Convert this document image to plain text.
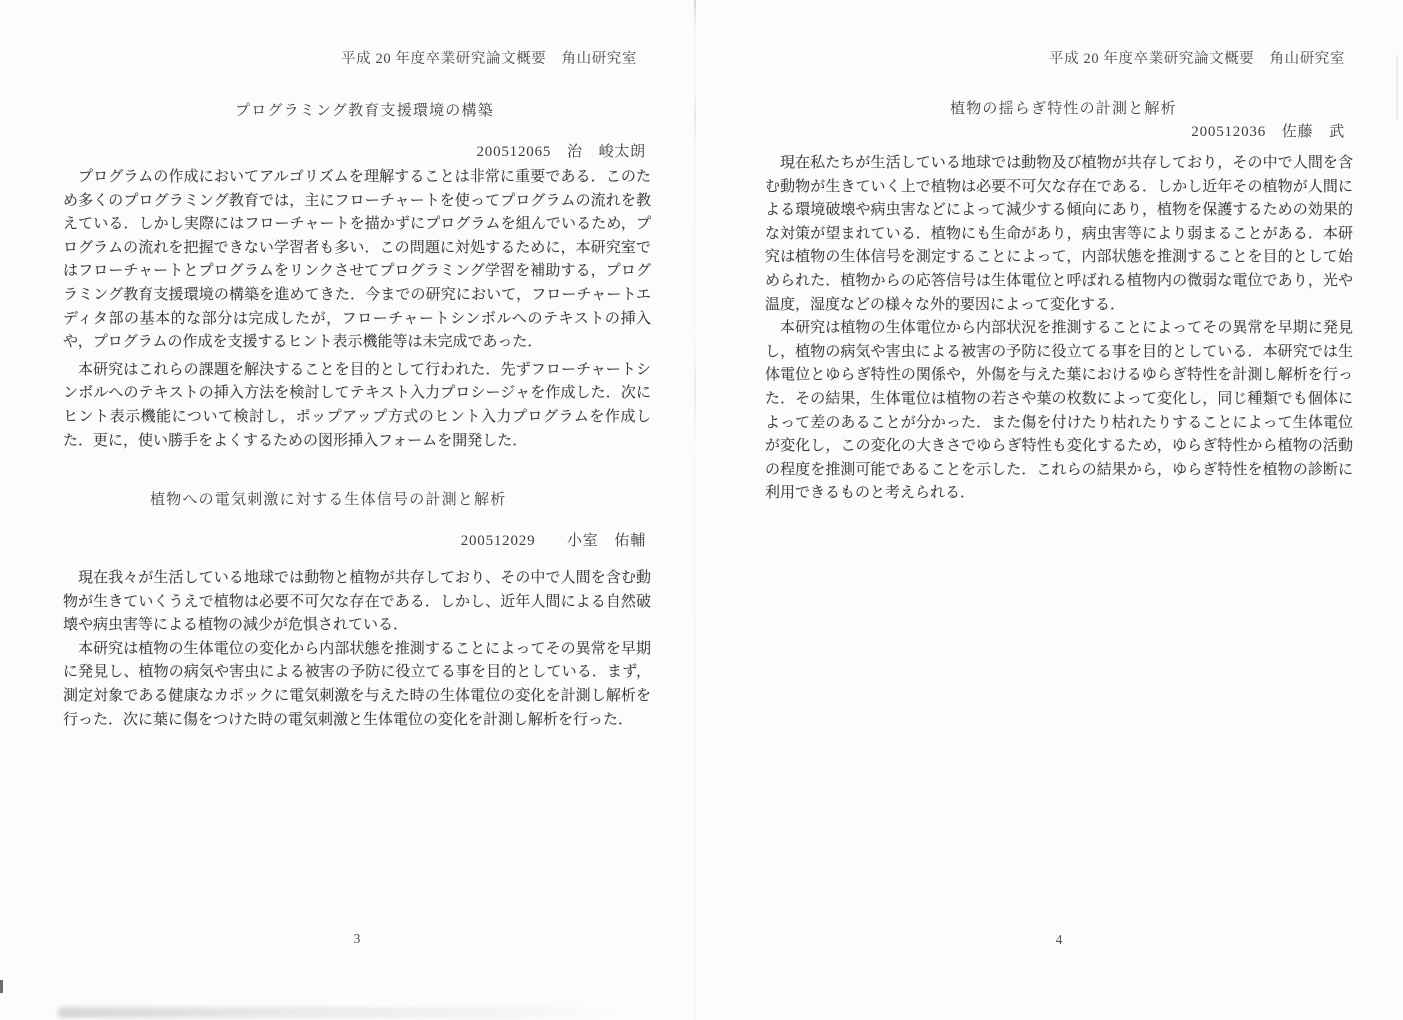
平成 20 年度卒業研究論文概要　角山研究室
プログラミング教育支援環境の構築
200512065　治　峻太朗

プログラムの作成においてアルゴリズムを理解することは非常に重要である．このため多くのプログラミング教育では，主にフローチャートを使ってプログラムの流れを教えている．しかし実際にはフローチャートを描かずにプログラムを組んでいるため，プログラムの流れを把握できない学習者も多い．この問題に対処するために，本研究室ではフローチャートとプログラムをリンクさせてプログラミング学習を補助する，プログラミング教育支援環境の構築を進めてきた．今までの研究において，フローチャートエディタ部の基本的な部分は完成したが，フローチャートシンボルへのテキストの挿入や，プログラムの作成を支援するヒント表示機能等は未完成であった．

本研究はこれらの課題を解決することを目的として行われた．先ずフローチャートシンボルへのテキストの挿入方法を検討してテキスト入力プロシージャを作成した．次にヒント表示機能について検討し，ポップアップ方式のヒント入力プログラムを作成した．更に，使い勝手をよくするための図形挿入フォームを開発した．

植物への電気刺激に対する生体信号の計測と解析
200512029　　小室　佑輔

現在我々が生活している地球では動物と植物が共存しており、その中で人間を含む動物が生きていくうえで植物は必要不可欠な存在である．しかし、近年人間による自然破壊や病虫害等による植物の減少が危惧されている．

本研究は植物の生体電位の変化から内部状態を推測することによってその異常を早期に発見し、植物の病気や害虫による被害の予防に役立てる事を目的としている．まず，測定対象である健康なカポックに電気刺激を与えた時の生体電位の変化を計測し解析を行った．次に葉に傷をつけた時の電気刺激と生体電位の変化を計測し解析を行った．

3
平成 20 年度卒業研究論文概要　角山研究室
植物の揺らぎ特性の計測と解析
200512036　佐藤　武

現在私たちが生活している地球では動物及び植物が共存しており，その中で人間を含む動物が生きていく上で植物は必要不可欠な存在である．しかし近年その植物が人間による環境破壊や病虫害などによって減少する傾向にあり，植物を保護するための効果的な対策が望まれている．植物にも生命があり，病虫害等により弱まることがある．本研究は植物の生体信号を測定することによって，内部状態を推測することを目的として始められた．植物からの応答信号は生体電位と呼ばれる植物内の微弱な電位であり，光や温度，湿度などの様々な外的要因によって変化する．

本研究は植物の生体電位から内部状況を推測することによってその異常を早期に発見し，植物の病気や害虫による被害の予防に役立てる事を目的としている．本研究では生体電位とゆらぎ特性の関係や，外傷を与えた葉におけるゆらぎ特性を計測し解析を行った．その結果，生体電位は植物の若さや葉の枚数によって変化し，同じ種類でも個体によって差のあることが分かった．また傷を付けたり枯れたりすることによって生体電位が変化し，この変化の大きさでゆらぎ特性も変化するため，ゆらぎ特性から植物の活動の程度を推測可能であることを示した．これらの結果から，ゆらぎ特性を植物の診断に利用できるものと考えられる．

4
